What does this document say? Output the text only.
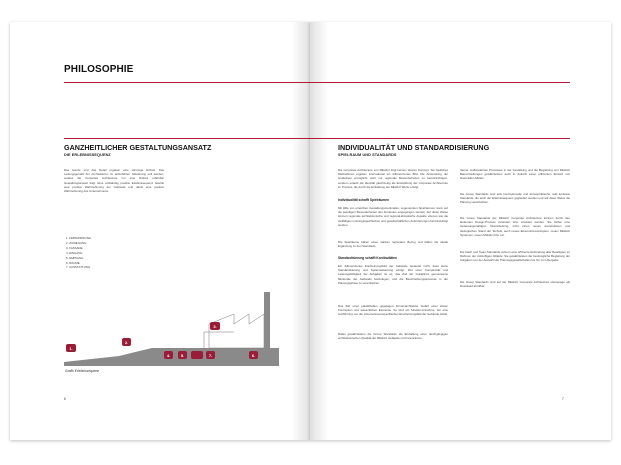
PHILOSOPHIE
GANZHEITLICHER GESTALTUNGSANSATZ
DIE ERLEBNISSEQUENZ

Das Ganze und das Detail ergeben eine stimmige Einheit. Das Leitungsgemäß der Architekturen zu aufzuführen Gliederung soll werden, sodass die Corporate Architecture nur eine Einheit erfahrbar Gestaltungsansatz folgt. Eine vollständig positive Erlebnissequenz bewirkt eine positive Wahrnehmung der Gebäude und damit eine positive Wahrnehmung des Unternehmens.

1. FERNWIRKUNG
2. ZUWEGUNG
3. FASSADE
4. EINGANG
5. EMPFANG
6. RÄUME
7. AUSSTATTUNG
1.
2.
3.
4.	5.	6.
7.
Grafik Erlebnissequenz
6
INDIVIDUALITÄT UND STANDARDISIERUNG
SPIELRAUM UND STANDARDS

Die Corporate Architecture von REHAU folgt keinem starren Konzept. Sie bauliches Maßnahmen ergeben international ein differenziertes Bild. Die Anwendung der Guidelines ermöglicht nicht nur regionale Besonderheiten zu berücksichtigen, sondern erlaubt die Identität gleichzeitig als Entwicklung der Corporate Architecture im Prozess, die durch die Einhaltung der REHAU Werte erfolgt.

Individualität schafft Spielräumen

Mit Hilfe von erreichten Gestaltungsmerkmalen, sogenannten Spielräumen, kann auf die jeweiligen Besonderheiten des Kontextes eingegangen werden. Auf diese Weise können regionale architektonische und regional-klimatische Aspekte ebenso wie die vielfältigen nutzungsspezifischen und gesellschaftlichen Anforderungen berücksichtigt werden.

Die Spielräume haben einen starken regionalen Bezug und bilden die ideale Ergänzung zu den Standards.

Standardisierung schafft Kontinuitäten

Ein differenziertes Erscheinungsbild der Gebäude bedeutet nicht, dass keine Standardisierung und Systematisierung erfolgt. Ziel einer Komplexität und Leistungsfähigkeit der Aufgaben ist es, das Ziel der Guidelines gemeinsame Merkmale der Gebäude festzulegen, und die Beschreibungsprozesse in der Planungsphase zu vereinfachen.

Das Ziel einer plastikhaften gegebigen Firmenarchitektur bedarf einer klaren Konzeption und wesentlichen Elemente. So wird ein Struktur-Annahme, der eine Ausführung von die Unternehmensspezifischen Erscheinungsbild der Gebäude stärkt.

Dabei gewährleisten die Group Standards die Einhaltung einer durchgängigen architektonischen Qualität der REHAU Gebäude und Innenräume.

räume. Aufbewahrtes Prozesses in der Gestaltung und die Begleitung von REHAU Bauvorstellungen gewährleisten auch in Zukunft einen effizienten Einsatz von finanziellen Mitteln.

Die Group Standards sind teils konzeptionelle und atmosphärische, teils konkrete Standards, die auch der Erlebnissequenz gegliedert werden und auf diese Weise die Planung vereinfachen.

Die Group Standards der REHAU Corporate Architecture können durch den laufenden Design-Prozess verändert bzw. erweitert werden. Sie treffen eine bedeutungsmäßigen Überarbeitung, nicht einen neuen konstruktiven und ökologischen Stand der Technik, auch neues Erkenntnis-konzepten, neuen REHAU Systemen, neuen Möbeln bzw. etc.

Die Dach und Team-Standards sichern eine effiziente Einbindung aller Beteiligten im Rahmen der zukünftigen Abläufe: Sie gewährleisten die bestmögliche Begleitung der Aufgaben von der Auswahl der Planungsgesellschaften bis hin zur Übergabe.

Die Group Standards sind auf der REHAU Corporate Architecture Homepage als Download abrufbar.

7
